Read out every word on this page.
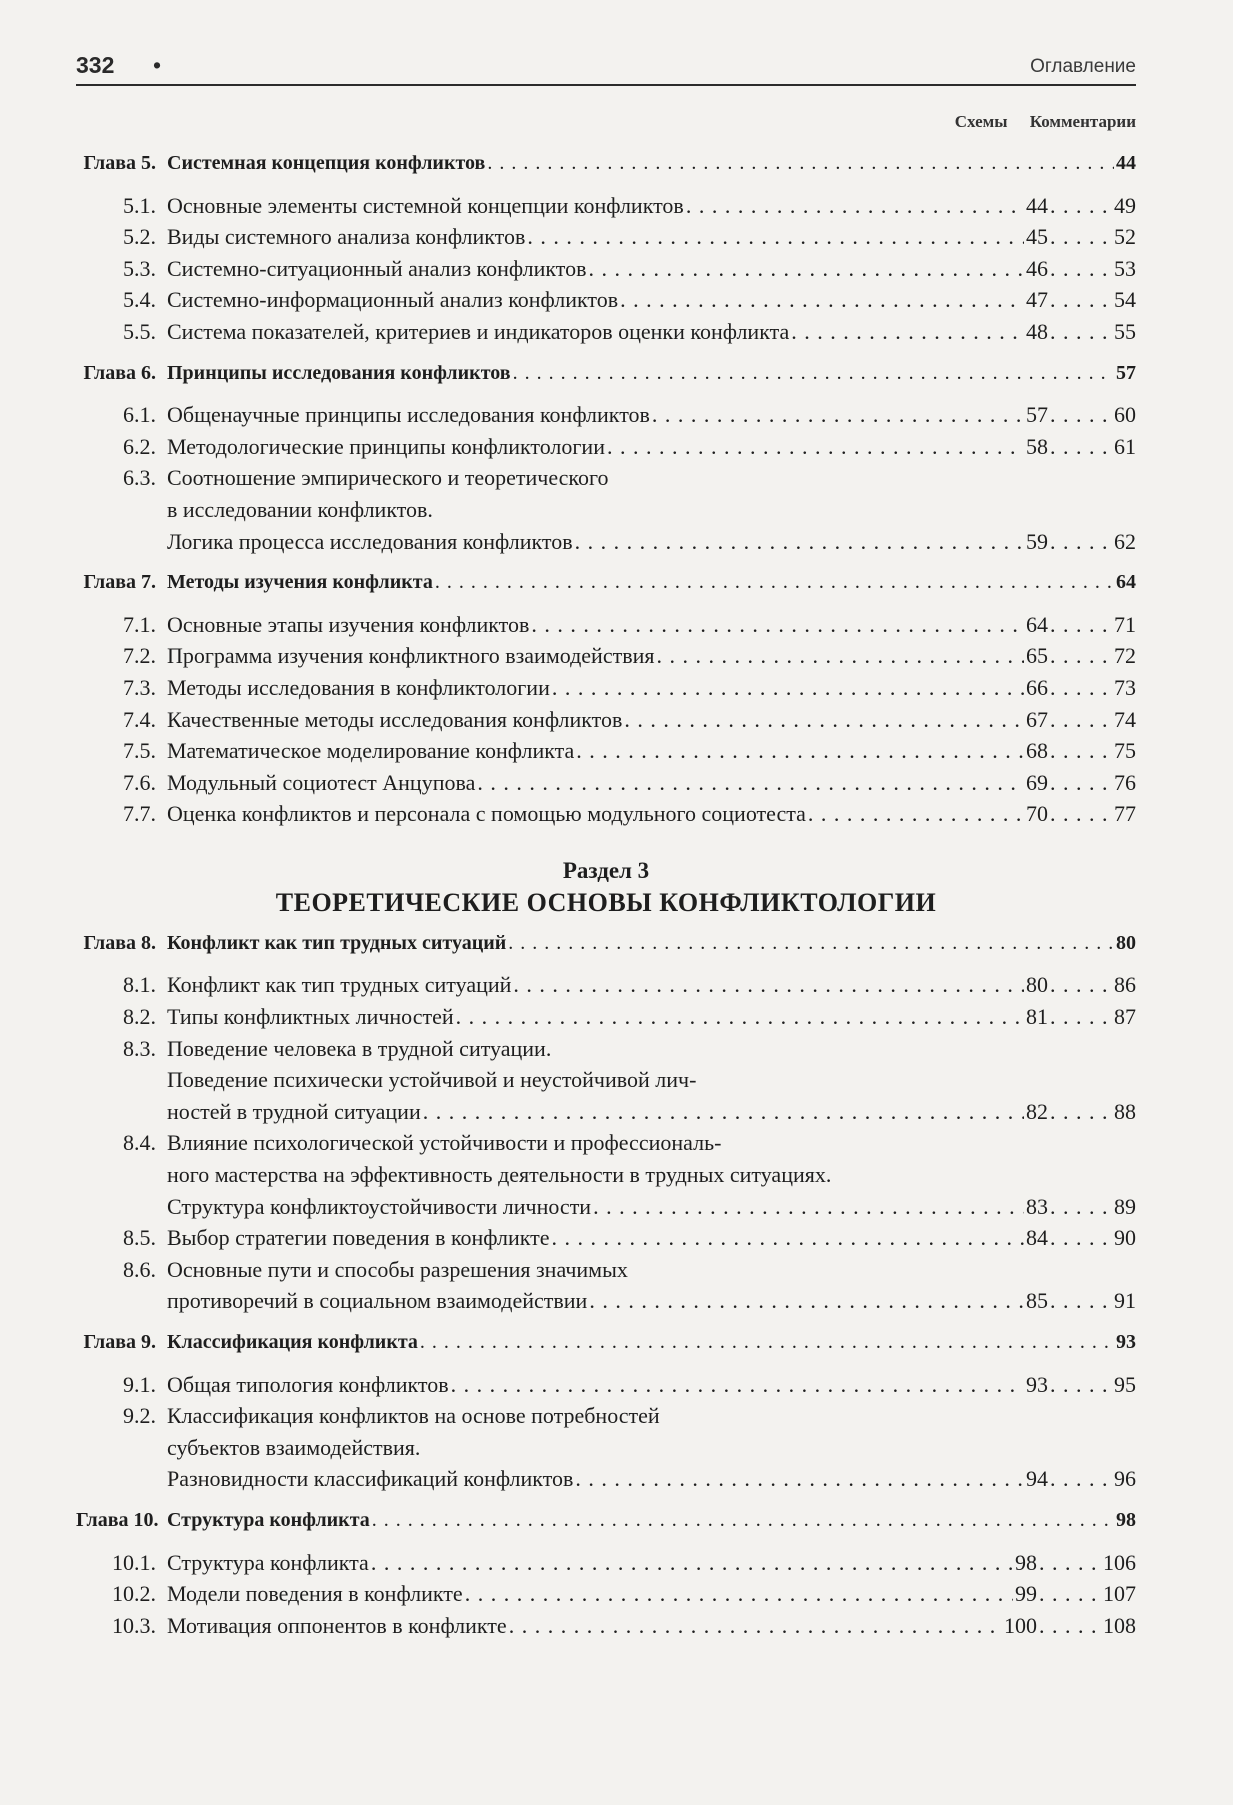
332 •	Оглавление
Схемы Комментарии
Глава 5. Системная концепция конфликтов . . .	44
5.1. Основные элементы системной концепции конфликтов . . .	44 . . .	49
5.2. Виды системного анализа конфликтов . . .	45 . . .	52
5.3. Системно-ситуационный анализ конфликтов . . .	46 . . .	53
5.4. Системно-информационный анализ конфликтов . . .	47 . . .	54
5.5. Система показателей, критериев и индикаторов оценки конфликта . . .	48 . . .	55
Глава 6. Принципы исследования конфликтов . . .	57
6.1. Общенаучные принципы исследования конфликтов . . .	57 . . .	60
6.2. Методологические принципы конфликтологии . . .	58 . . .	61
6.3. Соотношение эмпирического и теоретического
в исследовании конфликтов.
Логика процесса исследования конфликтов . . .	59 . . .	62
Глава 7. Методы изучения конфликта . . .	64
7.1. Основные этапы изучения конфликтов . . .	64 . . .	71
7.2. Программа изучения конфликтного взаимодействия . . .	65 . . .	72
7.3. Методы исследования в конфликтологии . . .	66 . . .	73
7.4. Качественные методы исследования конфликтов . . .	67 . . .	74
7.5. Математическое моделирование конфликта . . .	68 . . .	75
7.6. Модульный социотест Анцупова . . .	69 . . .	76
7.7. Оценка конфликтов и персонала с помощью модульного социотеста . . .	70 . . .	77
Раздел 3
ТЕОРЕТИЧЕСКИЕ ОСНОВЫ КОНФЛИКТОЛОГИИ
Глава 8. Конфликт как тип трудных ситуаций . . .	80
8.1. Конфликт как тип трудных ситуаций . . .	80 . . .	86
8.2. Типы конфликтных личностей . . .	81 . . .	87
8.3. Поведение человека в трудной ситуации.
Поведение психически устойчивой и неустойчивой лич-
ностей в трудной ситуации . . .	82 . . .	88
8.4. Влияние психологической устойчивости и профессиональ-
ного мастерства на эффективность деятельности в трудных ситуациях.
Структура конфликтоустойчивости личности . . .	83 . . .	89
8.5. Выбор стратегии поведения в конфликте . . .	84 . . .	90
8.6. Основные пути и способы разрешения значимых
противоречий в социальном взаимодействии . . .	85 . . .	91
Глава 9. Классификация конфликта . . .	93
9.1. Общая типология конфликтов . . .	93 . . .	95
9.2. Классификация конфликтов на основе потребностей
субъектов взаимодействия.
Разновидности классификаций конфликтов . . .	94 . . .	96
Глава 10. Структура конфликта . . .	98
10.1. Структура конфликта . . .	98 . . .	106
10.2. Модели поведения в конфликте . . .	99 . . .	107
10.3. Мотивация оппонентов в конфликте . . .	100 . . .	108
